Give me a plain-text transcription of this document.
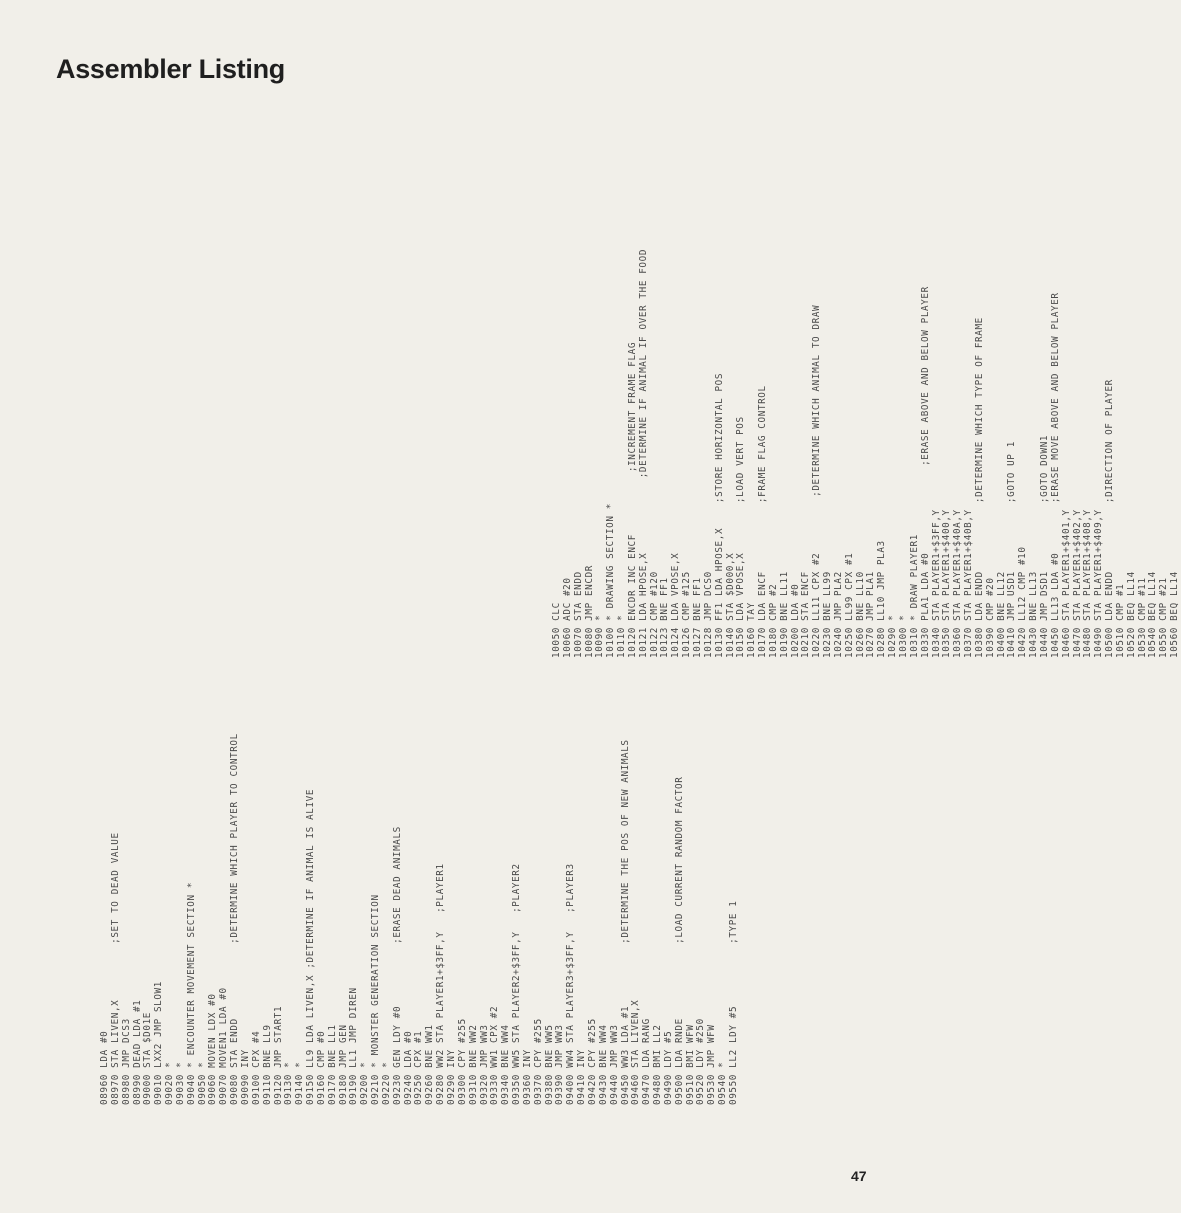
Assembler Listing
08960 LDA #0 08970 STA LIVEN,X         ;SET TO DEAD VALUE 08980 JMP DCS3 08990 DEAD LDA #1 09000 STA $D01E 09010 LXX2 JMP SLOW1 09020 * 09030 * 09040 * ENCOUNTER MOVEMENT SECTION * 09050 * 09060 MOVEN LDX #0 09070 MOVEN1 LDA #0 09080 STA ENDD            ;DETERMINE WHICH PLAYER TO CONTROL 09090 INY 09100 CPX #4 09110 BNE LL9 09120 JMP START1 09130 * 09140 * 09150 LL9 LDA LIVEN,X ;DETERMINE IF ANIMAL IS ALIVE 09160 CMP #0 09170 BNE LL1 09180 JMP GEN 09190 LL1 JMP DIREN 09200 * 09210 * MONSTER GENERATION SECTION 09220 * 09230 GEN LDY #0          ;ERASE DEAD ANIMALS 09240 LDA #0 09250 CPX #1 09260 BNE WW1 09280 WW2 STA PLAYER1+$3FF,Y   ;PLAYER1 09290 INY 09300 CPY #255 09310 BNE WW2 09320 JMP WW3 09330 WW1 CPX #2 09340 BNE WW4 09350 WW5 STA PLAYER2+$3FF,Y   ;PLAYER2 09360 INY 09370 CPY #255 09380 BNE WW5 09390 JMP WW3 09400 WW4 STA PLAYER3+$3FF,Y   ;PLAYER3 09410 INY 09420 CPY #255 09430 BNE WW4 09440 JMP WW3 09450 WW3 LDA #1          ;DETERMINE THE POS OF NEW ANIMALS 09460 STA LIVEN,X 09470 LDA RANG 09480 BMI LL2 09490 LDY #5 09500 LDA RNDE            ;LOAD CURRENT RANDOM FACTOR 09510 BMI WFW 09520 LDY #250 09530 JMP WFW 09540 * 09550 LL2 LDY #5          ;TYPE 1
10050 CLC 10060 ADC #20 10070 STA ENDD 10080 JMP ENCDR 10090 * 10100 * DRAWING SECTION * 10110 * 10120 ENCDR INC ENCF          ;INCREMENT FRAME FLAG 10121 LDA HPOSE,X            ;DETERMINE IF ANIMAL IF OVER THE FOOD 10122 CMP #120 10123 BNE FF1 10124 LDA VPOSE,X 10126 CMP #125 10127 BNE FF1 10128 JMP DCS0 10130 FF1 LDA HPOSE,X    ;STORE HORIZONTAL POS 10140 STA $D000,X 10150 LDA VPOSE,X        ;LOAD VERT POS 10160 TAY 10170 LDA ENCF           ;FRAME FLAG CONTROL 10180 CMP #2 10190 BNE LL11 10200 LDA #0 10210 STA ENCF 10220 LL11 CPX #2         ;DETERMINE WHICH ANIMAL TO DRAW 10230 BNE LL99 10240 JMP PLA2 10250 LL99 CPX #1 10260 BNE LL10 10270 JMP PLA1 10280 LL10 JMP PLA3 10290 * 10300 * 10310 * DRAW PLAYER1 10330 PLA1 LDA #0              ;ERASE ABOVE AND BELOW PLAYER 10340 STA PLAYER1+$3FF,Y 10350 STA PLAYER1+$400,Y 10360 STA PLAYER1+$40A,Y 10370 STA PLAYER1+$40B,Y 10380 LDA ENDD           ;DETERMINE WHICH TYPE OF FRAME 10390 CMP #20 10400 BNE LL12 10410 JMP USD1           ;GOTO UP 1 10420 LL12 CMP #10 10430 BNE LL13 10440 JMP DSD1           ;GOTO DOWN1 10450 LL13 LDA #0        ;ERASE MOVE ABOVE AND BELOW PLAYER 10460 STA PLAYER1+$401,Y 10470 STA PLAYER1+$402,Y 10480 STA PLAYER1+$408,Y 10490 STA PLAYER1+$409,Y 10500 LDA ENDD           ;DIRECTION OF PLAYER 10510 CMP #1 10520 BEQ LL14 10530 CMP #11 10540 BEQ LL14 10550 CMP #21 10560 BEQ LL14
47
